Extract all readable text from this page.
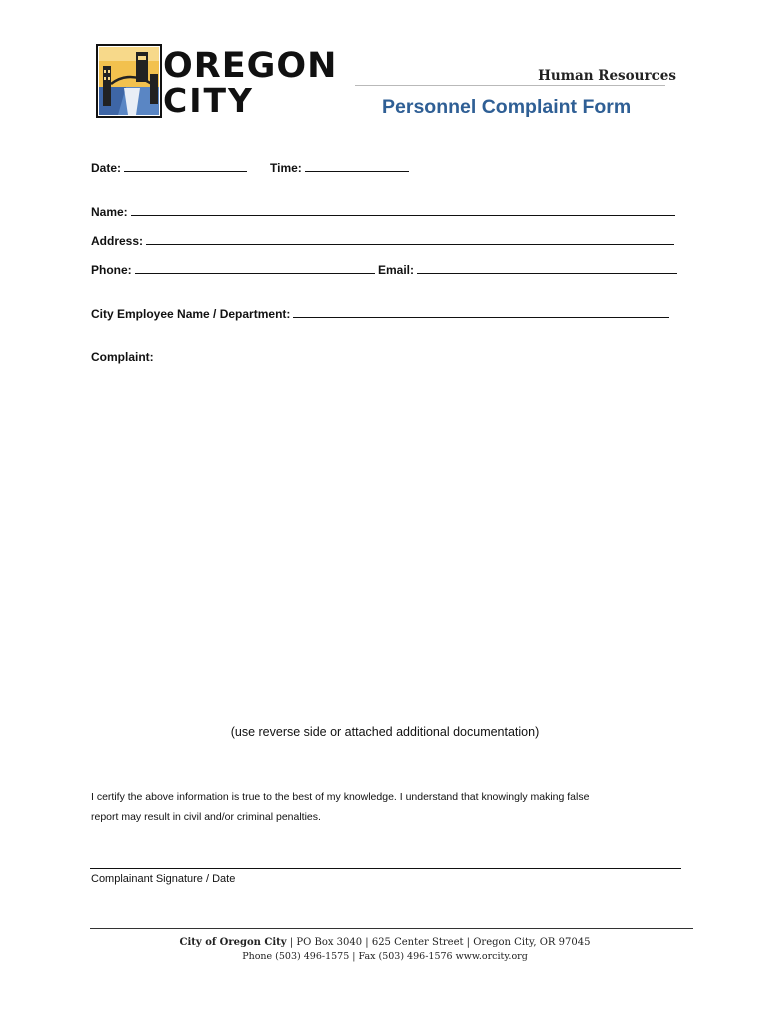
OREGON
CITY
Human Resources
Personnel Complaint Form
Date:	Time:
Name:
Address:
Phone:	Email:
City Employee Name / Department:
Complaint:
(use reverse side or attached additional documentation)
I certify the above information is true to the best of my knowledge. I understand that knowingly making false
report may result in civil and/or criminal penalties.
Complainant Signature / Date
City of Oregon City | PO Box 3040 | 625 Center Street | Oregon City, OR 97045
Phone (503) 496-1575 | Fax (503) 496-1576 www.orcity.org
